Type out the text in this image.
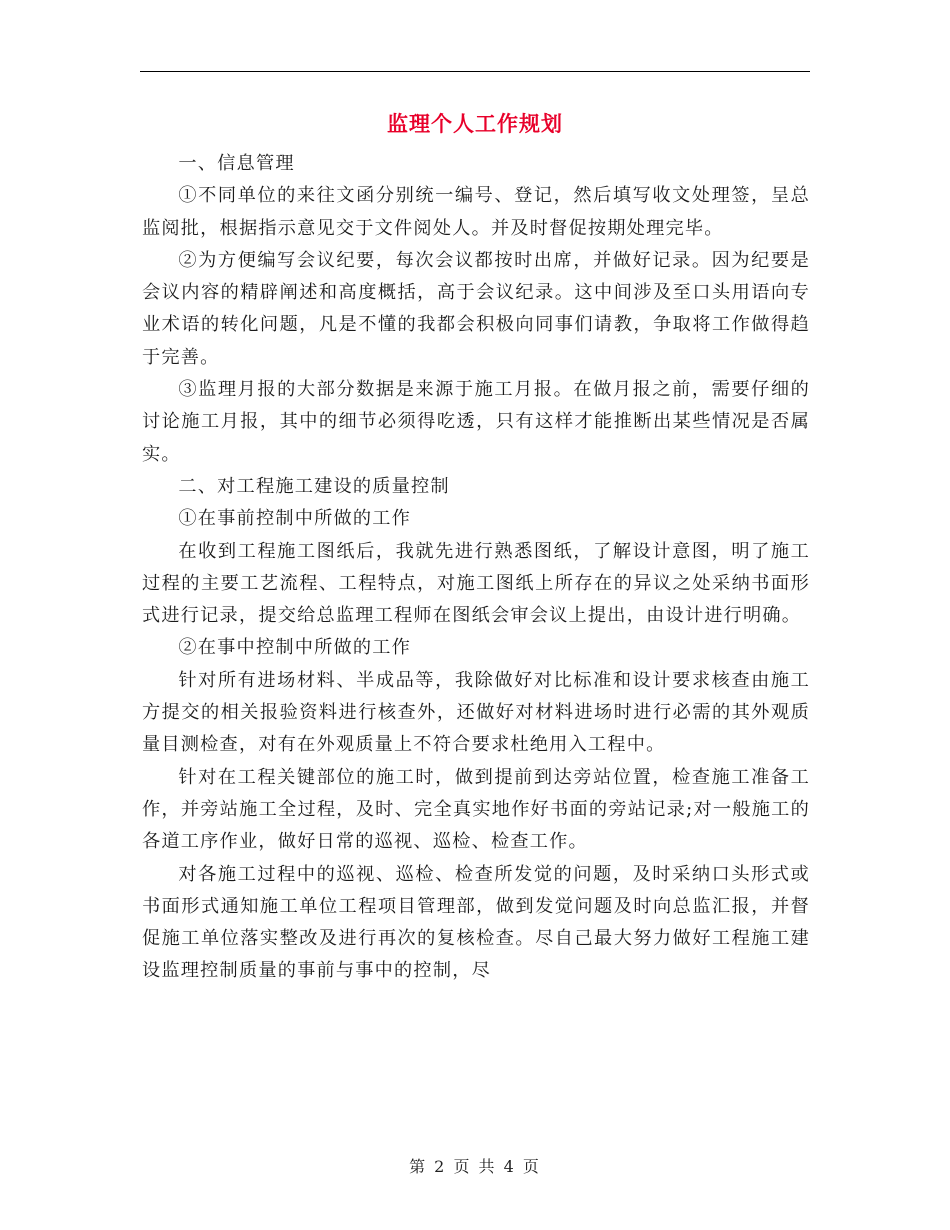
监理个人工作规划

一、信息管理

①不同单位的来往文函分别统一编号、登记，然后填写收文处理签，呈总监阅批，根据指示意见交于文件阅处人。并及时督促按期处理完毕。

②为方便编写会议纪要，每次会议都按时出席，并做好记录。因为纪要是会议内容的精辟阐述和高度概括，高于会议纪录。这中间涉及至口头用语向专业术语的转化问题，凡是不懂的我都会积极向同事们请教，争取将工作做得趋于完善。

③监理月报的大部分数据是来源于施工月报。在做月报之前，需要仔细的讨论施工月报，其中的细节必须得吃透，只有这样才能推断出某些情况是否属实。

二、对工程施工建设的质量控制

①在事前控制中所做的工作

在收到工程施工图纸后，我就先进行熟悉图纸，了解设计意图，明了施工过程的主要工艺流程、工程特点，对施工图纸上所存在的异议之处采纳书面形式进行记录，提交给总监理工程师在图纸会审会议上提出，由设计进行明确。

②在事中控制中所做的工作

针对所有进场材料、半成品等，我除做好对比标准和设计要求核查由施工方提交的相关报验资料进行核查外，还做好对材料进场时进行必需的其外观质量目测检查，对有在外观质量上不符合要求杜绝用入工程中。

针对在工程关键部位的施工时，做到提前到达旁站位置，检查施工准备工作，并旁站施工全过程，及时、完全真实地作好书面的旁站记录;对一般施工的各道工序作业，做好日常的巡视、巡检、检查工作。

对各施工过程中的巡视、巡检、检查所发觉的问题，及时采纳口头形式或书面形式通知施工单位工程项目管理部，做到发觉问题及时向总监汇报，并督促施工单位落实整改及进行再次的复核检查。尽自己最大努力做好工程施工建设监理控制质量的事前与事中的控制，尽

第 2 页 共 4 页
